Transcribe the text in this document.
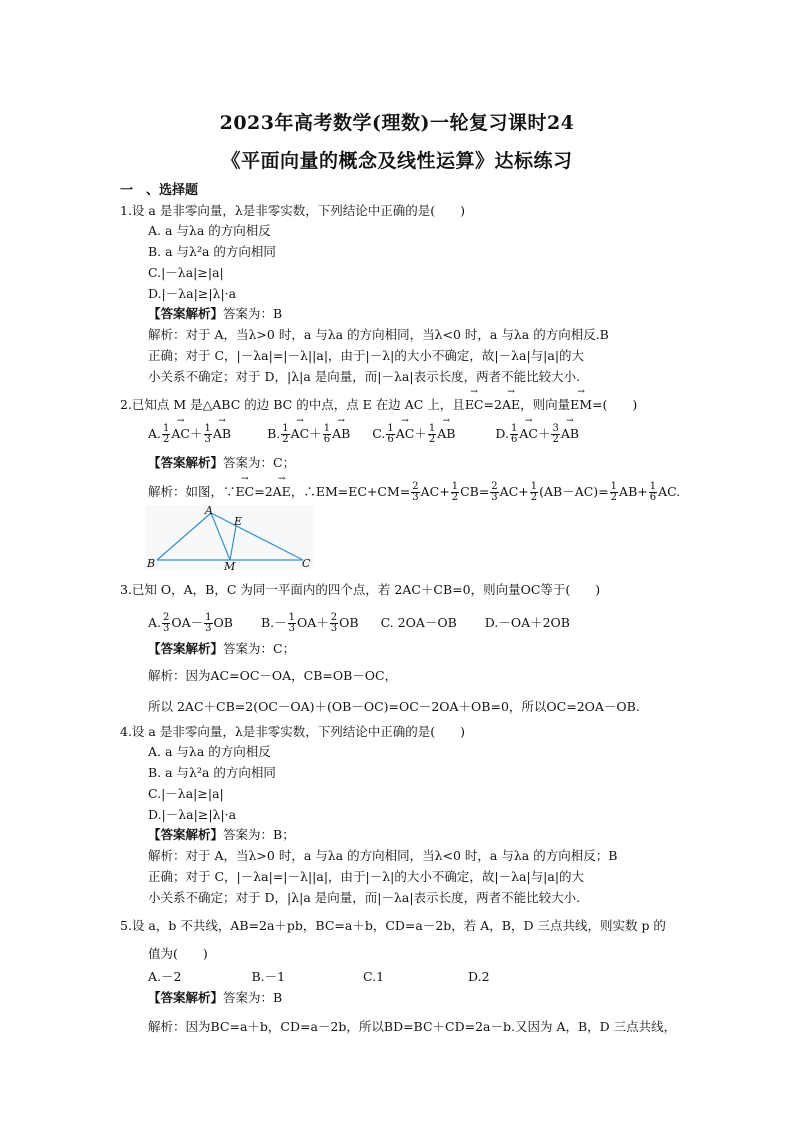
2023年高考数学(理数)一轮复习课时24
《平面向量的概念及线性运算》达标练习
一　、选择题
1.设 a 是非零向量，λ是非零实数，下列结论中正确的是(　　)
A. a 与λa 的方向相反
B. a 与λ²a 的方向相同
C.|－λa|≥|a|
D.|－λa|≥|λ|·a
【答案解析】答案为：B
解析：对于 A，当λ>0 时，a 与λa 的方向相同，当λ<0 时，a 与λa 的方向相反.B
正确；对于 C，|－λa|=|－λ||a|，由于|－λ|的大小不确定，故|－λa|与|a|的大
小关系不确定；对于 D，|λ|a 是向量，而|－λa|表示长度，两者不能比较大小.
2.已知点 M 是△ABC 的边 BC 的中点，点 E 在边 AC 上，且→ EC=2→ AE，则向量→ EM=(　　)
A. $\frac{1}{2}$
→ $AC+ \frac{1}{3}$
→ AB	B. $\frac{1}{2}$
→ $AC+ \frac{1}{6}$
→ AB C. $\frac{1}{6}$
→ $AC+ \frac{1}{2}$
→ AB	D. $\frac{1}{6}$
→ $AC+ \frac{3}{2}$
→ AB
【答案解析】答案为：C；
解析：如图，∵→ EC=2→ AE，∴EM=EC+CM= $\frac{2}{3} AC+ \frac{1}{2} CB= \frac{2}{3} AC+ \frac{1}{2} (AB-AC)= \frac{1}{2} AB+ \frac{1}{6}$ AC.
A
E
B	M	C
3.已知 O，A，B，C 为同一平面内的四个点，若 2AC＋CB=0，则向量OC等于(　　)
A. $\frac{2}{3} OA- \frac{1}{3}$ OB $B.- \frac{1}{3} OA+ \frac{2}{3}$ OB C. 2OA－OB D.－OA＋2OB
【答案解析】答案为：C；
解析：因为AC=OC－OA，CB=OB－OC，
所以 2AC＋CB=2(OC－OA)＋(OB－OC)=OC－2OA＋OB=0，所以OC=2OA－OB.
4.设 a 是非零向量，λ是非零实数，下列结论中正确的是(　　)
A. a 与λa 的方向相反
B. a 与λ²a 的方向相同
C.|－λa|≥|a|
D.|－λa|≥|λ|·a
【答案解析】答案为：B；
解析：对于 A，当λ>0 时，a 与λa 的方向相同，当λ<0 时，a 与λa 的方向相反；B
正确；对于 C，|－λa|=|－λ||a|，由于|－λ|的大小不确定，故|－λa|与|a|的大
小关系不确定；对于 D，|λ|a 是向量，而|－λa|表示长度，两者不能比较大小.
5.设 a，b 不共线，AB=2a＋pb，BC=a＋b，CD=a－2b，若 A，B，D 三点共线，则实数 p 的
值为(　　)
A.－2	B.－1	C.1	D.2
【答案解析】答案为：B
解析：因为BC=a＋b，CD=a－2b，所以BD=BC＋CD=2a－b.又因为 A，B，D 三点共线，
